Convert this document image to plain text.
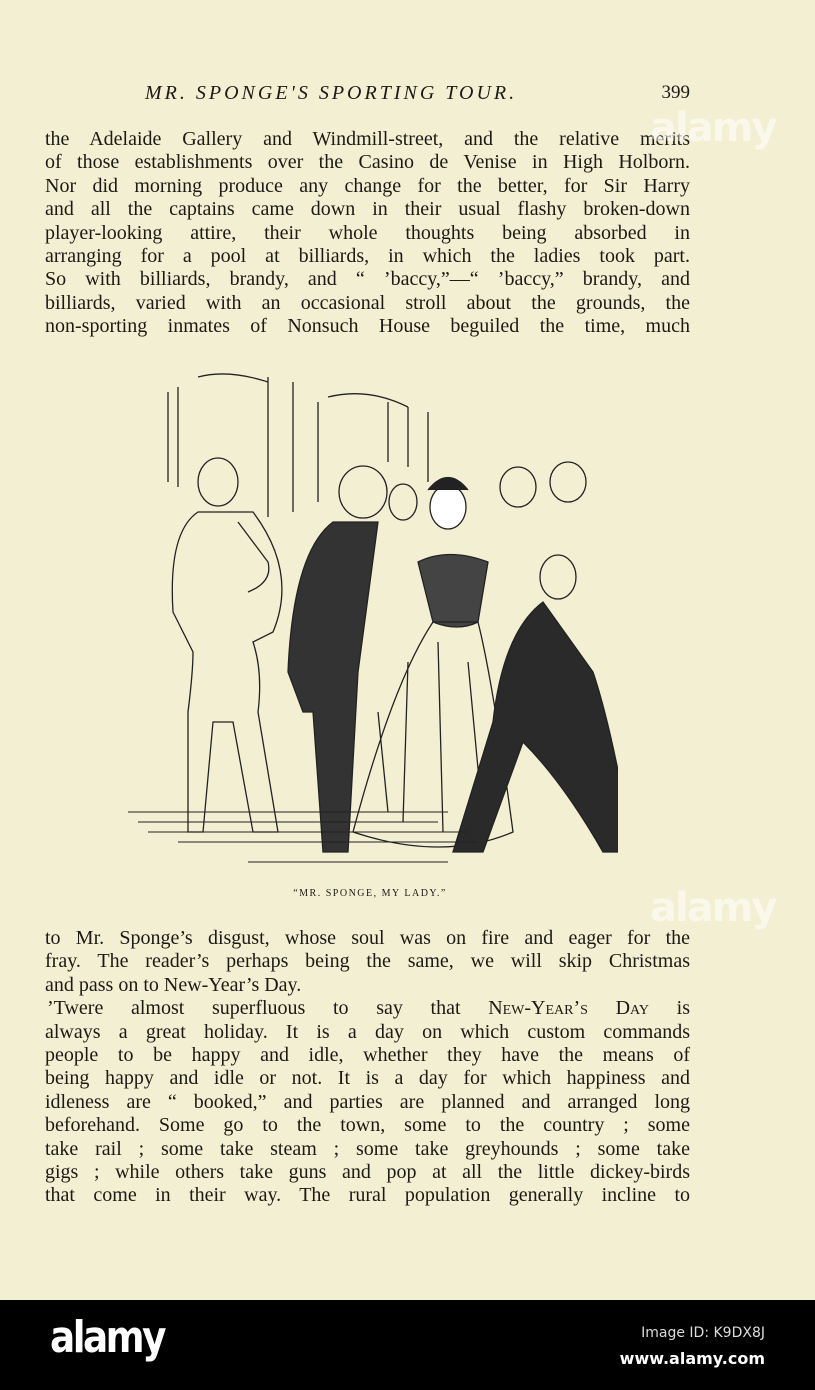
MR. SPONGE'S SPORTING TOUR.	399
the Adelaide Gallery and Windmill-street, and the relative merits
of those establishments over the Casino de Venise in High Holborn.
Nor did morning produce any change for the better, for Sir Harry
and all the captains came down in their usual flashy broken-down
player-looking attire, their whole thoughts being absorbed in
arranging for a pool at billiards, in which the ladies took part.
So with billiards, brandy, and “ ’baccy,”—“ ’baccy,” brandy, and
billiards, varied with an occasional stroll about the grounds, the
non-sporting inmates of Nonsuch House beguiled the time, much
“MR. SPONGE, MY LADY.”
to Mr. Sponge’s disgust, whose soul was on fire and eager for the
fray. The reader’s perhaps being the same, we will skip Christmas
and pass on to New-Year’s Day.
’Twere almost superfluous to say that New-Year’s Day is
always a great holiday. It is a day on which custom commands
people to be happy and idle, whether they have the means of
being happy and idle or not. It is a day for which happiness and
idleness are “ booked,” and parties are planned and arranged long
beforehand. Some go to the town, some to the country ; some
take rail ; some take steam ; some take greyhounds ; some take
gigs ; while others take guns and pop at all the little dickey-birds
that come in their way. The rural population generally incline to
alamy
alamy
alamy	Image ID: K9DX8J
www.alamy.com
